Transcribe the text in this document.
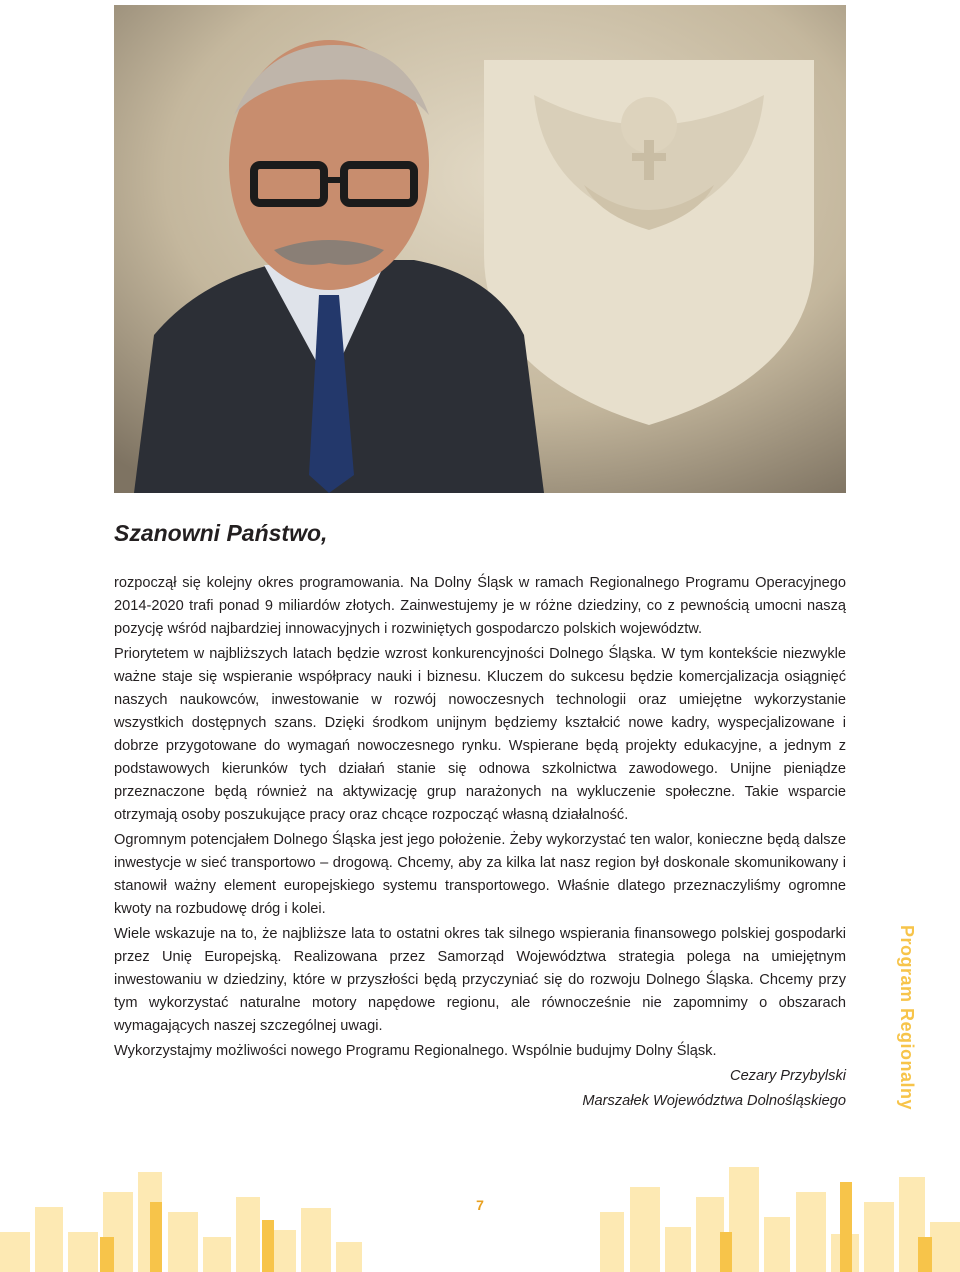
Szanowni Państwo,

rozpoczął się kolejny okres programowania. Na Dolny Śląsk w ramach Regionalnego Programu Operacyjnego 2014-2020 trafi ponad 9 miliardów złotych. Zainwestujemy je w różne dziedziny, co z pewnością umocni naszą pozycję wśród najbardziej innowacyjnych i rozwiniętych gospodarczo polskich województw.

Priorytetem w najbliższych latach będzie wzrost konkurencyjności Dolnego Śląska. W tym kontekście niezwykle ważne staje się wspieranie współpracy nauki i biznesu. Kluczem do sukcesu będzie komercjalizacja osiągnięć naszych naukowców, inwestowanie w rozwój nowoczesnych technologii oraz umiejętne wykorzystanie wszystkich dostępnych szans. Dzięki środkom unijnym będziemy kształcić nowe kadry, wyspecjalizowane i dobrze przygotowane do wymagań nowoczesnego rynku. Wspierane będą projekty edukacyjne, a jednym z podstawowych kierunków tych działań stanie się odnowa szkolnictwa zawodowego. Unijne pieniądze przeznaczone będą również na aktywizację grup narażonych na wykluczenie społeczne. Takie wsparcie otrzymają osoby poszukujące pracy oraz chcące rozpocząć własną działalność.

Ogromnym potencjałem Dolnego Śląska jest jego położenie. Żeby wykorzystać ten walor, konieczne będą dalsze inwestycje w sieć transportowo – drogową. Chcemy, aby za kilka lat nasz region był doskonale skomunikowany i stanowił ważny element europejskiego systemu transportowego. Właśnie dlatego przeznaczyliśmy ogromne kwoty na rozbudowę dróg i kolei.

Wiele wskazuje na to, że najbliższe lata to ostatni okres tak silnego wspierania finansowego polskiej gospodarki przez Unię Europejską. Realizowana przez Samorząd Województwa strategia polega na umiejętnym inwestowaniu w dziedziny, które w przyszłości będą przyczyniać się do rozwoju Dolnego Śląska. Chcemy przy tym wykorzystać naturalne motory napędowe regionu, ale równocześnie nie zapomnimy o obszarach wymagających naszej szczególnej uwagi.

Wykorzystajmy możliwości nowego Programu Regionalnego. Wspólnie budujmy Dolny Śląsk.

Cezary Przybylski

Marszałek Województwa Dolnośląskiego	Program Regionalny
7
